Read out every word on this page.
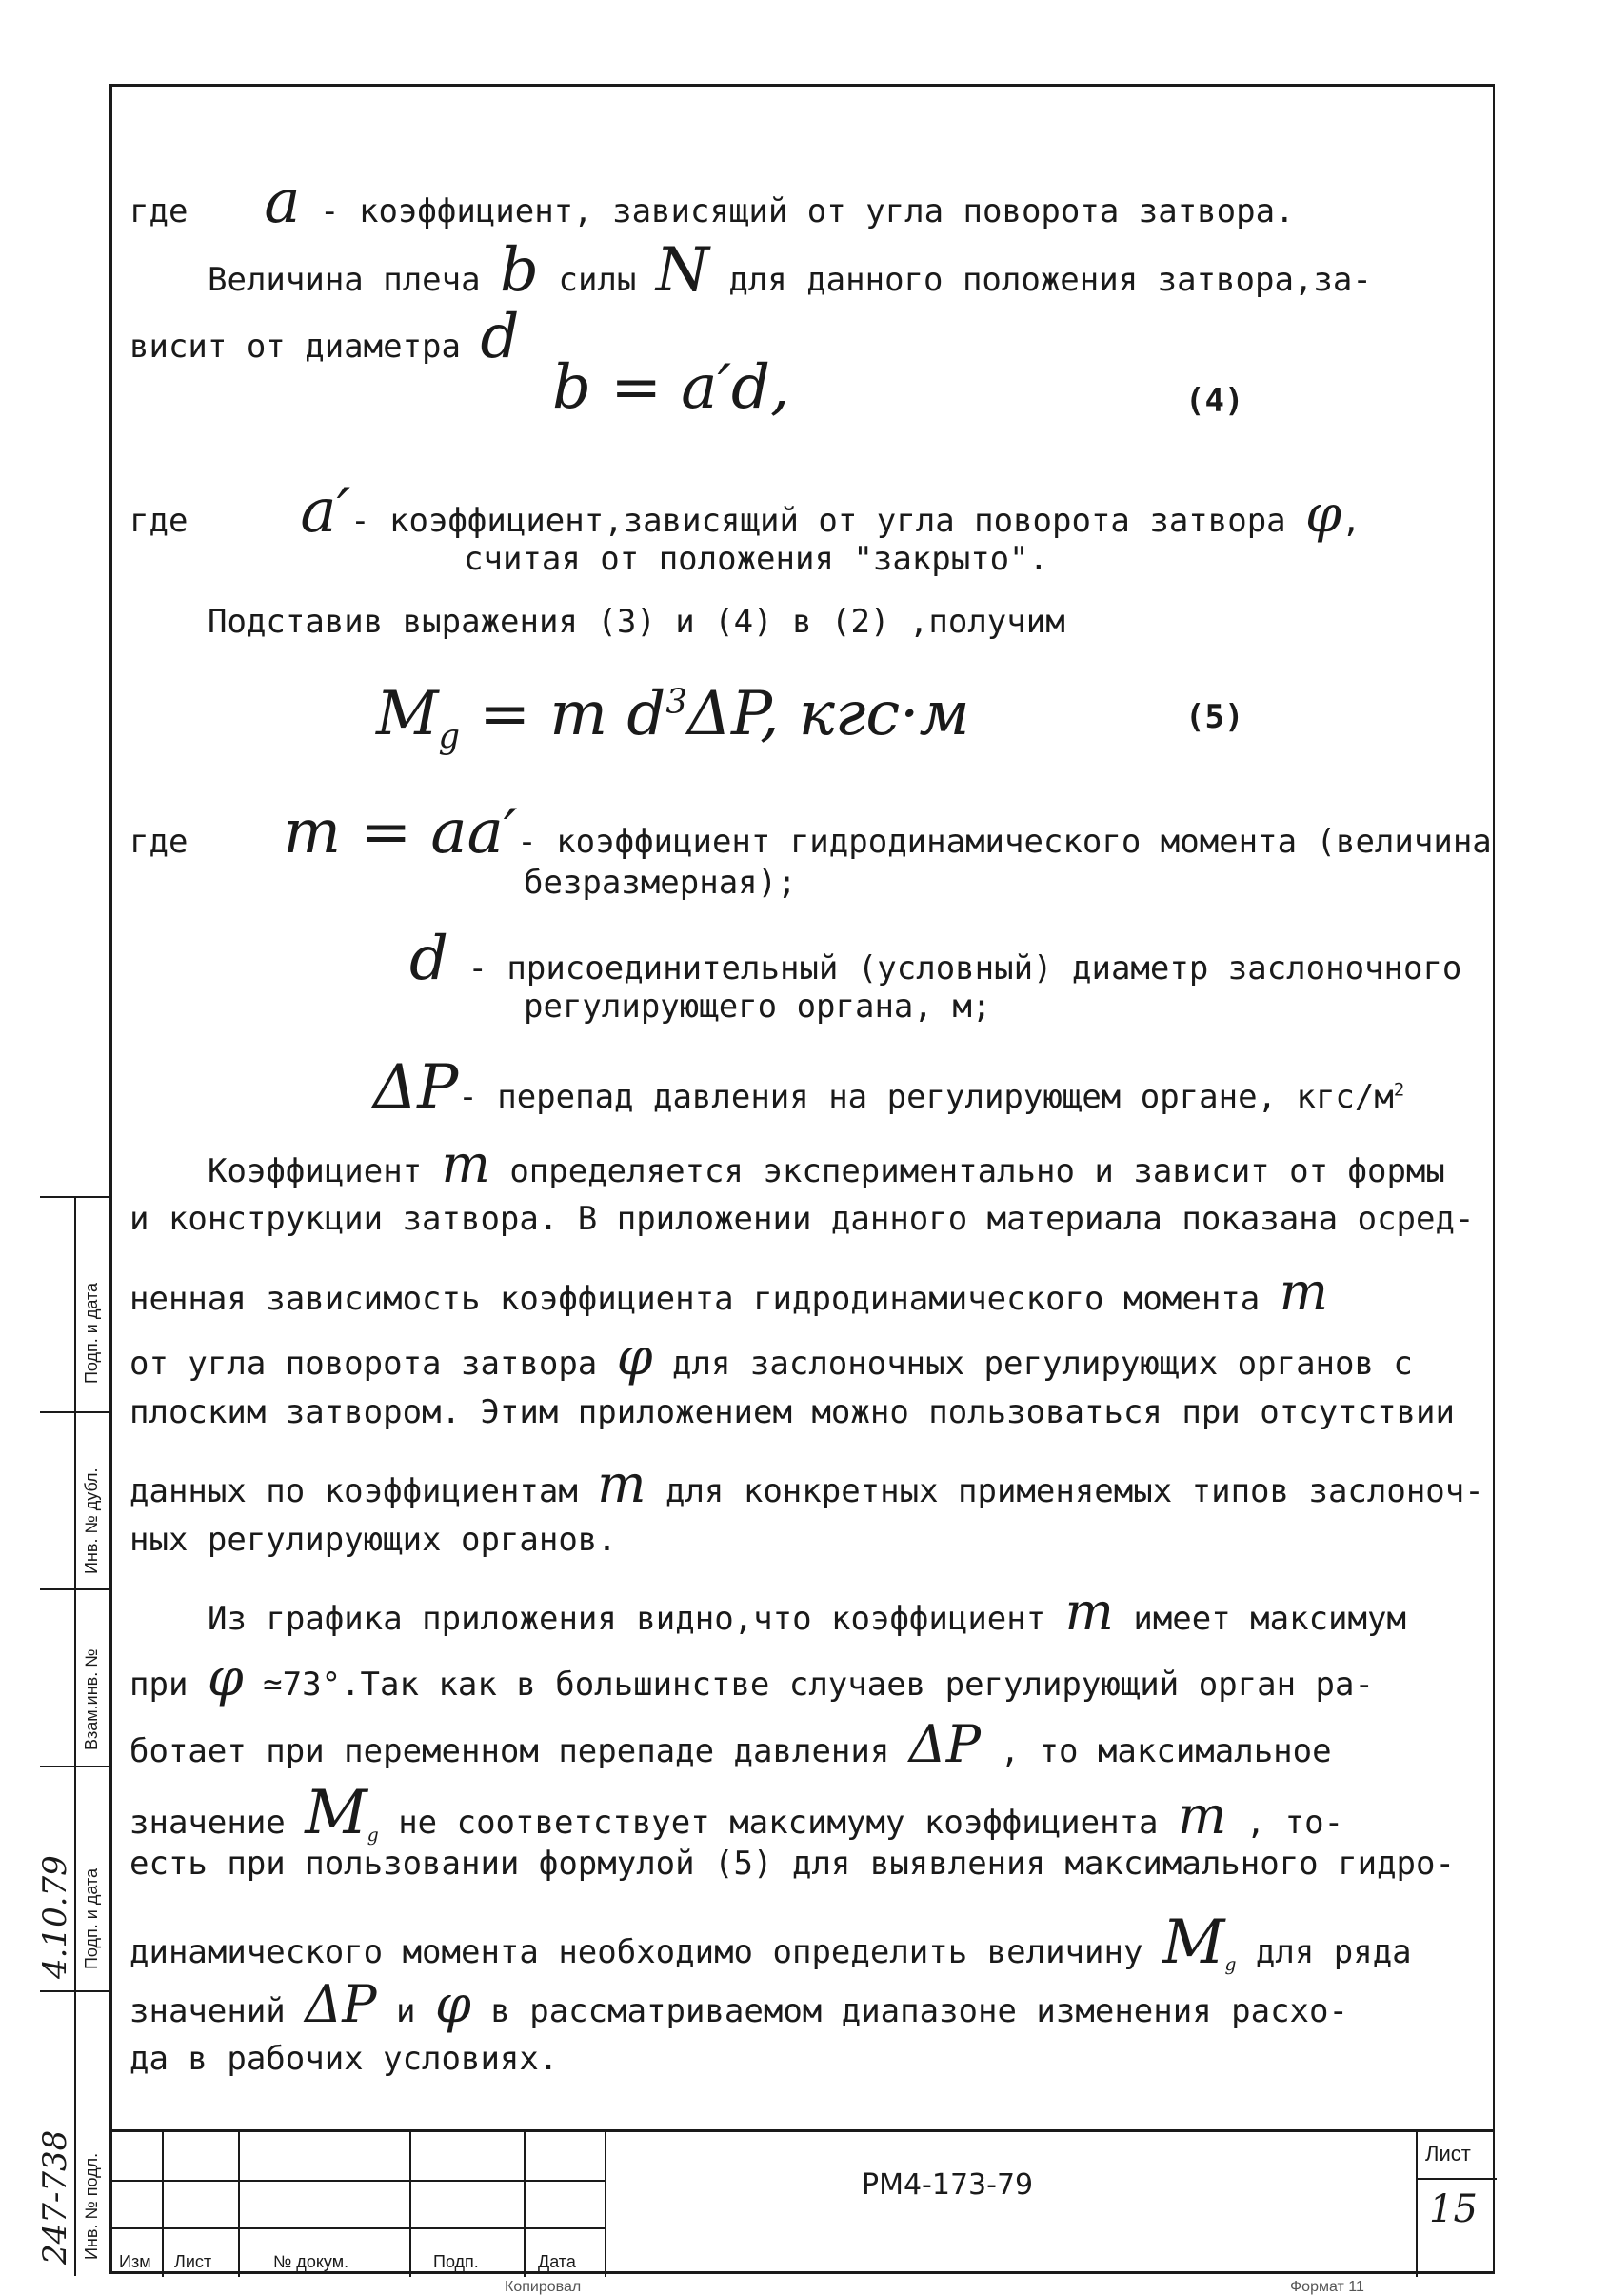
где a - коэффициент, зависящий от угла поворота затвора.
Величина плеча b силы N для данного положения затвора,за-
висит от диаметра d
b = a′d,	(4)
где a′- коэффициент,зависящий от угла поворота затвора φ,
считая от положения "закрыто".
Подставив выражения (3) и (4) в (2) ,получим
$M_g = m$ $d^3\Delta P$, кгс·м	(5)
где m = aa′- коэффициент гидродинамического момента (величина
безразмерная);
d - присоединительный (условный) диаметр заслоночного
регулирующего органа, м;
ΔP- перепад давления на регулирующем органе, кгс/$м^2$
Коэффициент m определяется экспериментально и зависит от формы
и конструкции затвора. В приложении данного материала показана осред-
ненная зависимость коэффициента гидродинамического момента m
от угла поворота затвора φ для заслоночных регулирующих органов с
плоским затвором. Этим приложением можно пользоваться при отсутствии
данных по коэффициентам m для конкретных применяемых типов заслоноч-
ных регулирующих органов.
Из графика приложения видно,что коэффициент m имеет максимум
при φ ≃73°.Так как в большинстве случаев регулирующий орган ра-
ботает при переменном перепаде давления ΔP , то максимальное
значение $M_g$ не соответствует максимуму коэффициента m , то-
есть при пользовании формулой (5) для выявления максимального гидро-
динамического момента необходимо определить величину $M_g$ для ряда
значений ΔP и φ в рассматриваемом диапазоне изменения расхо-
да в рабочих условиях.
Подп. и дата
Инв. № дубл.
Взам.инв. №
Подп. и дата
Инв. № подл.
4.10.79
247-738	Изм Лист	№ докум.	Подп.	Дата
РМ4-173-79
Лист
15
Копировал	Формат 11
